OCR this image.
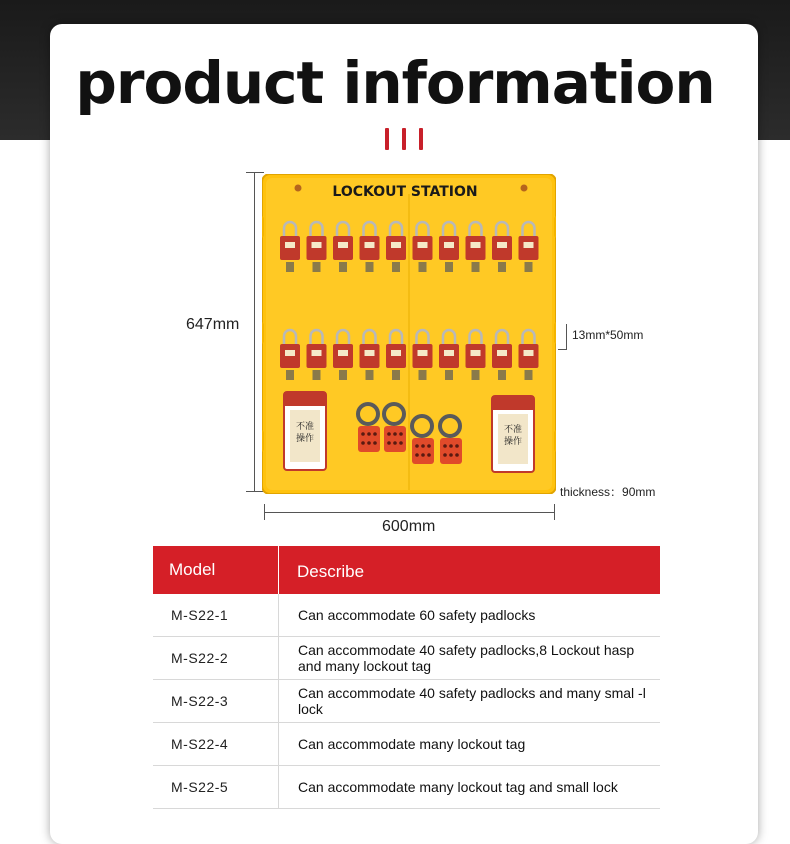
product information
647mm
600mm
thickness：90mm
13mm*50mm
LOCKOUT STATION
不准
操作
不准
操作
Model	Describe
M-S22-1	Can accommodate 60 safety padlocks
M-S22-2	Can accommodate 40 safety padlocks,8 Lockout hasp and many lockout tag
M-S22-3	Can accommodate 40 safety padlocks and many smal -l lock
M-S22-4	Can accommodate many lockout tag
M-S22-5	Can accommodate many lockout tag and small lock
